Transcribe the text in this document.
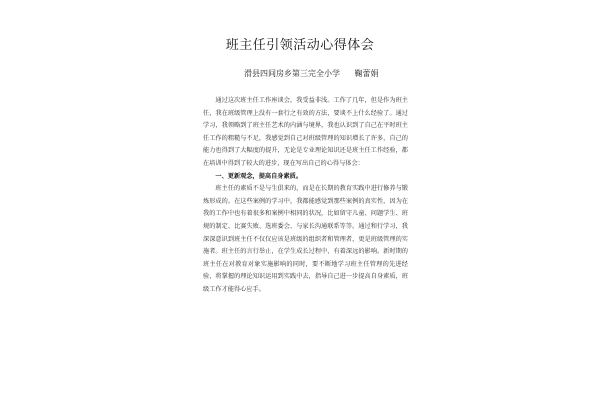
班主任引领活动心得体会
滑县四间房乡第三完全小学 鞠蕾娟

通过这次班主任工作座谈会，我受益非浅。工作了几年，但是作为班主任，我在班级管理上没有一套行之有效的方法，要谈不上什么经验了。通过学习，我领略到了班主任艺术的内涵与境界，我也认识到了自己在平时班主任工作的粗糙与不足，我感觉到自己对班级管理的知识增长了许多，自己的能力也得到了大幅度的提升，无论是专业理论知识还是班主任工作经验，都在培训中得到了较大的进步，现在写出自己的心得与体会：

一、更新观念，提高自身素质。

班主任的素质不是与生俱来的，而是在长期的教育实践中进行修养与锻炼形成的。在这些案例的学习中，我都能感觉到那些案例的真实性，因为在我的工作中也有着很多和案例中相同的状况，比如留守儿童、问题学生、班规的制定、比赛失败、选班委会、与家长沟通联系等等。通过和行学习，我深深意识到班主任不仅仅应该是班级的组织者和管理者，更是班级管理的实施者。班主任的言行举止，在学生成长过程中，有着深远的影响。新时期的班主任在对教育对象实施影响的同时，要不断地学习班主任管理的先进经验，将掌握的理论知识运用到实践中去，指导自己进一步提高自身素质，班级工作才能得心应手。
